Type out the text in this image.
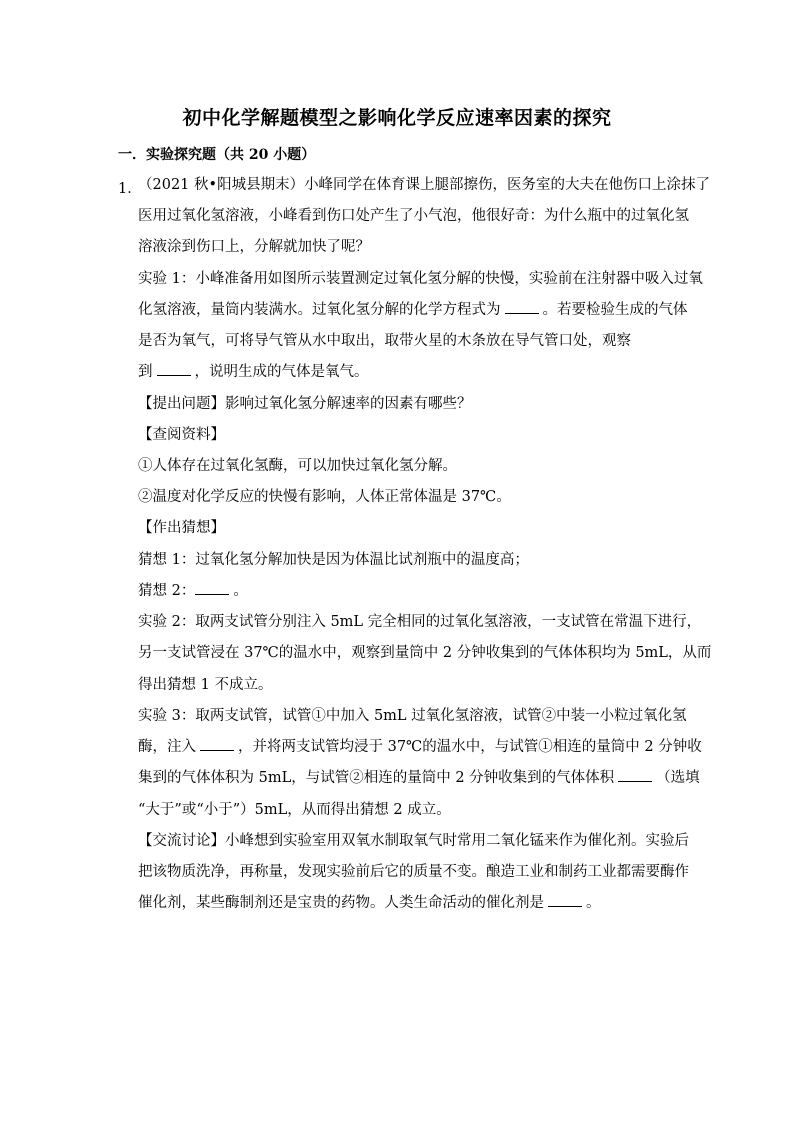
初中化学解题模型之影响化学反应速率因素的探究
一．实验探究题（共 20 小题）
1．
（2021 秋•阳城县期末）小峰同学在体育课上腿部擦伤，医务室的大夫在他伤口上涂抹了
医用过氧化氢溶液，小峰看到伤口处产生了小气泡，他很好奇：为什么瓶中的过氧化氢
溶液涂到伤口上，分解就加快了呢？
实验 1：小峰准备用如图所示装置测定过氧化氢分解的快慢，实验前在注射器中吸入过氧
化氢溶液，量筒内装满水。过氧化氢分解的化学方程式为	。若要检验生成的气体
是否为氧气，可将导气管从水中取出，取带火星的木条放在导气管口处，观察
到	，说明生成的气体是氧气。
【提出问题】影响过氧化氢分解速率的因素有哪些？
【查阅资料】
①人体存在过氧化氢酶，可以加快过氧化氢分解。
②温度对化学反应的快慢有影响，人体正常体温是 37℃。
【作出猜想】
猜想 1：过氧化氢分解加快是因为体温比试剂瓶中的温度高；
猜想 2：	。
实验 2：取两支试管分别注入 5mL 完全相同的过氧化氢溶液，一支试管在常温下进行，
另一支试管浸在 37℃的温水中，观察到量筒中 2 分钟收集到的气体体积均为 5mL，从而
得出猜想 1 不成立。
实验 3：取两支试管，试管①中加入 5mL 过氧化氢溶液，试管②中装一小粒过氧化氢
酶，注入	，并将两支试管均浸于 37℃的温水中，与试管①相连的量筒中 2 分钟收
集到的气体体积为 5mL，与试管②相连的量筒中 2 分钟收集到的气体体积	（选填
“大于”或“小于”）5mL，从而得出猜想 2 成立。
【交流讨论】小峰想到实验室用双氧水制取氧气时常用二氧化锰来作为催化剂。实验后
把该物质洗净，再称量，发现实验前后它的质量不变。酿造工业和制药工业都需要酶作
催化剂，某些酶制剂还是宝贵的药物。人类生命活动的催化剂是	。
